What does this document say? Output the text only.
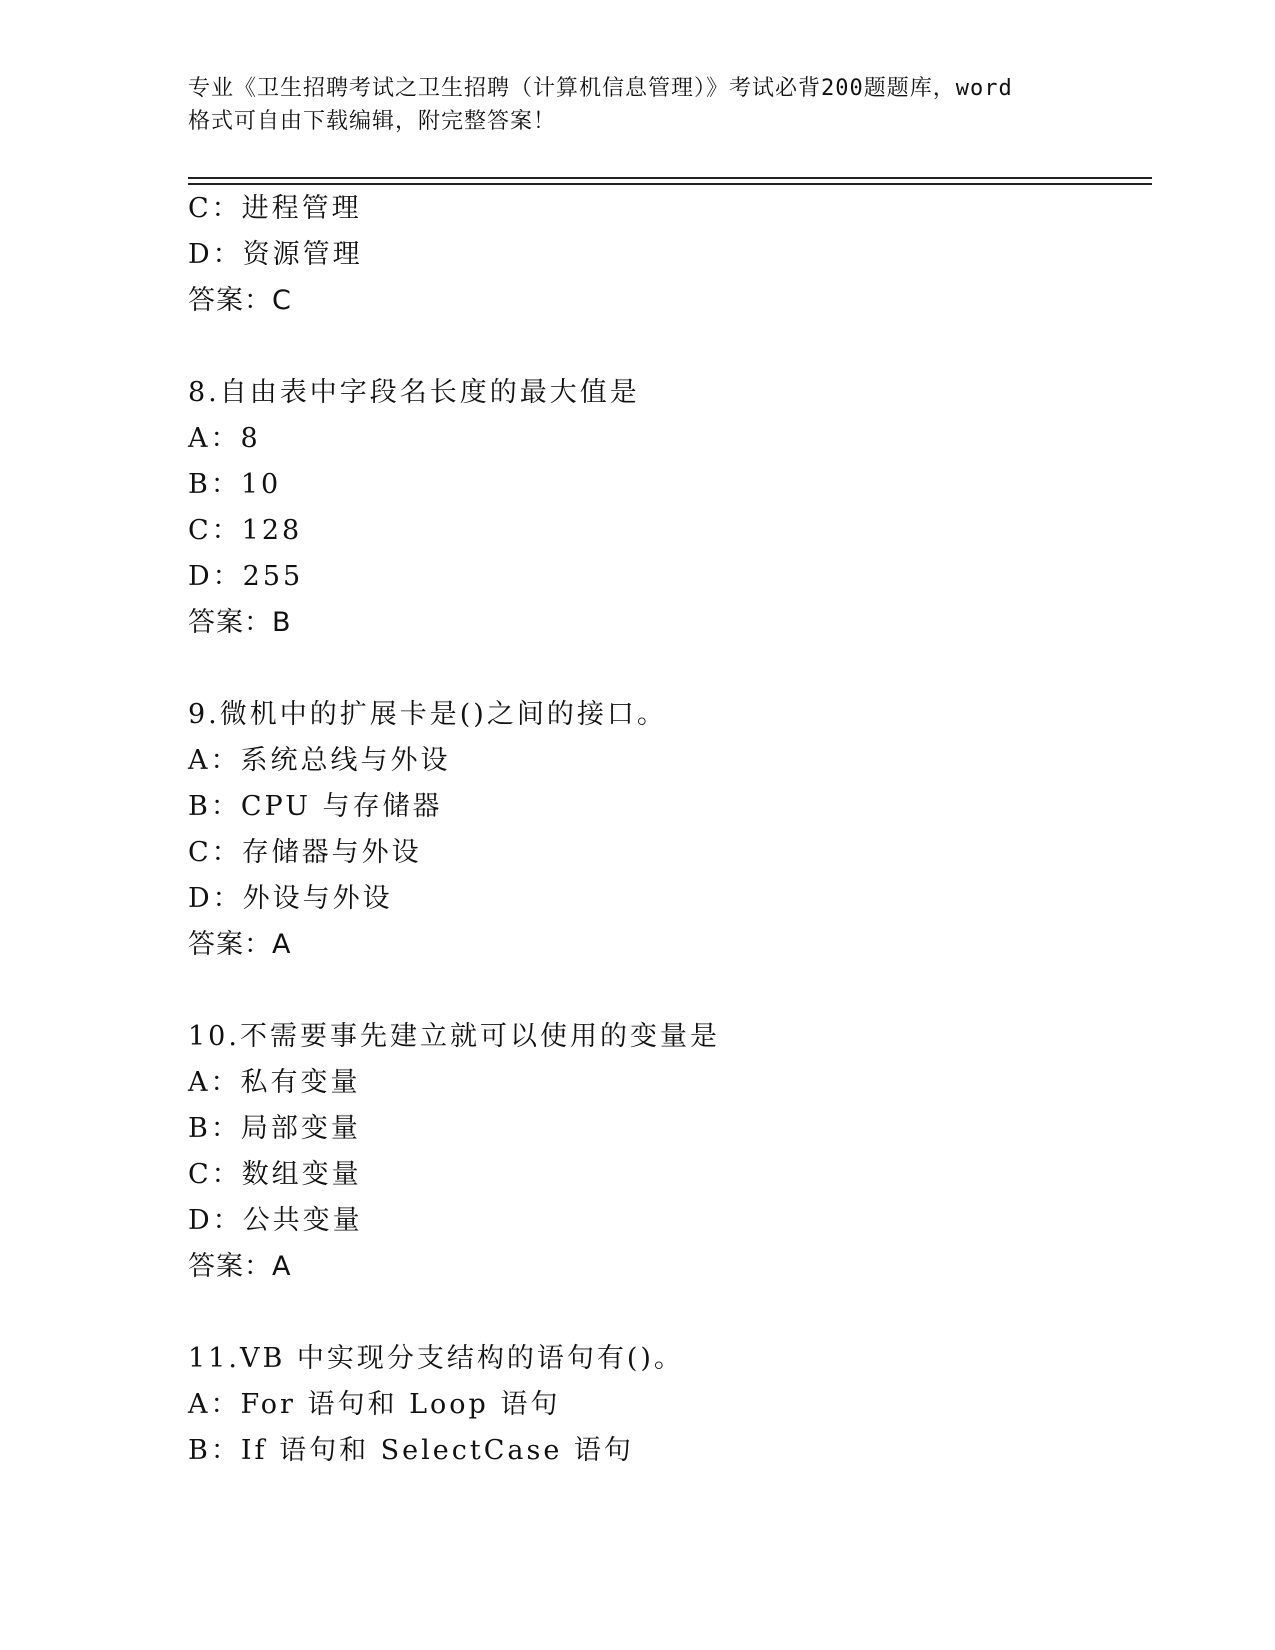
专业《卫生招聘考试之卫生招聘（计算机信息管理）》考试必背200题题库，word
格式可自由下载编辑，附完整答案！
C：进程管理
D：资源管理
答案：C
8.自由表中字段名长度的最大值是
A：8
B：10
C：128
D：255
答案：B
9.微机中的扩展卡是()之间的接口。
A：系统总线与外设
B：CPU 与存储器
C：存储器与外设
D：外设与外设
答案：A
10.不需要事先建立就可以使用的变量是
A：私有变量
B：局部变量
C：数组变量
D：公共变量
答案：A
11.VB 中实现分支结构的语句有()。
A：For 语句和 Loop 语句
B：If 语句和 SelectCase 语句
